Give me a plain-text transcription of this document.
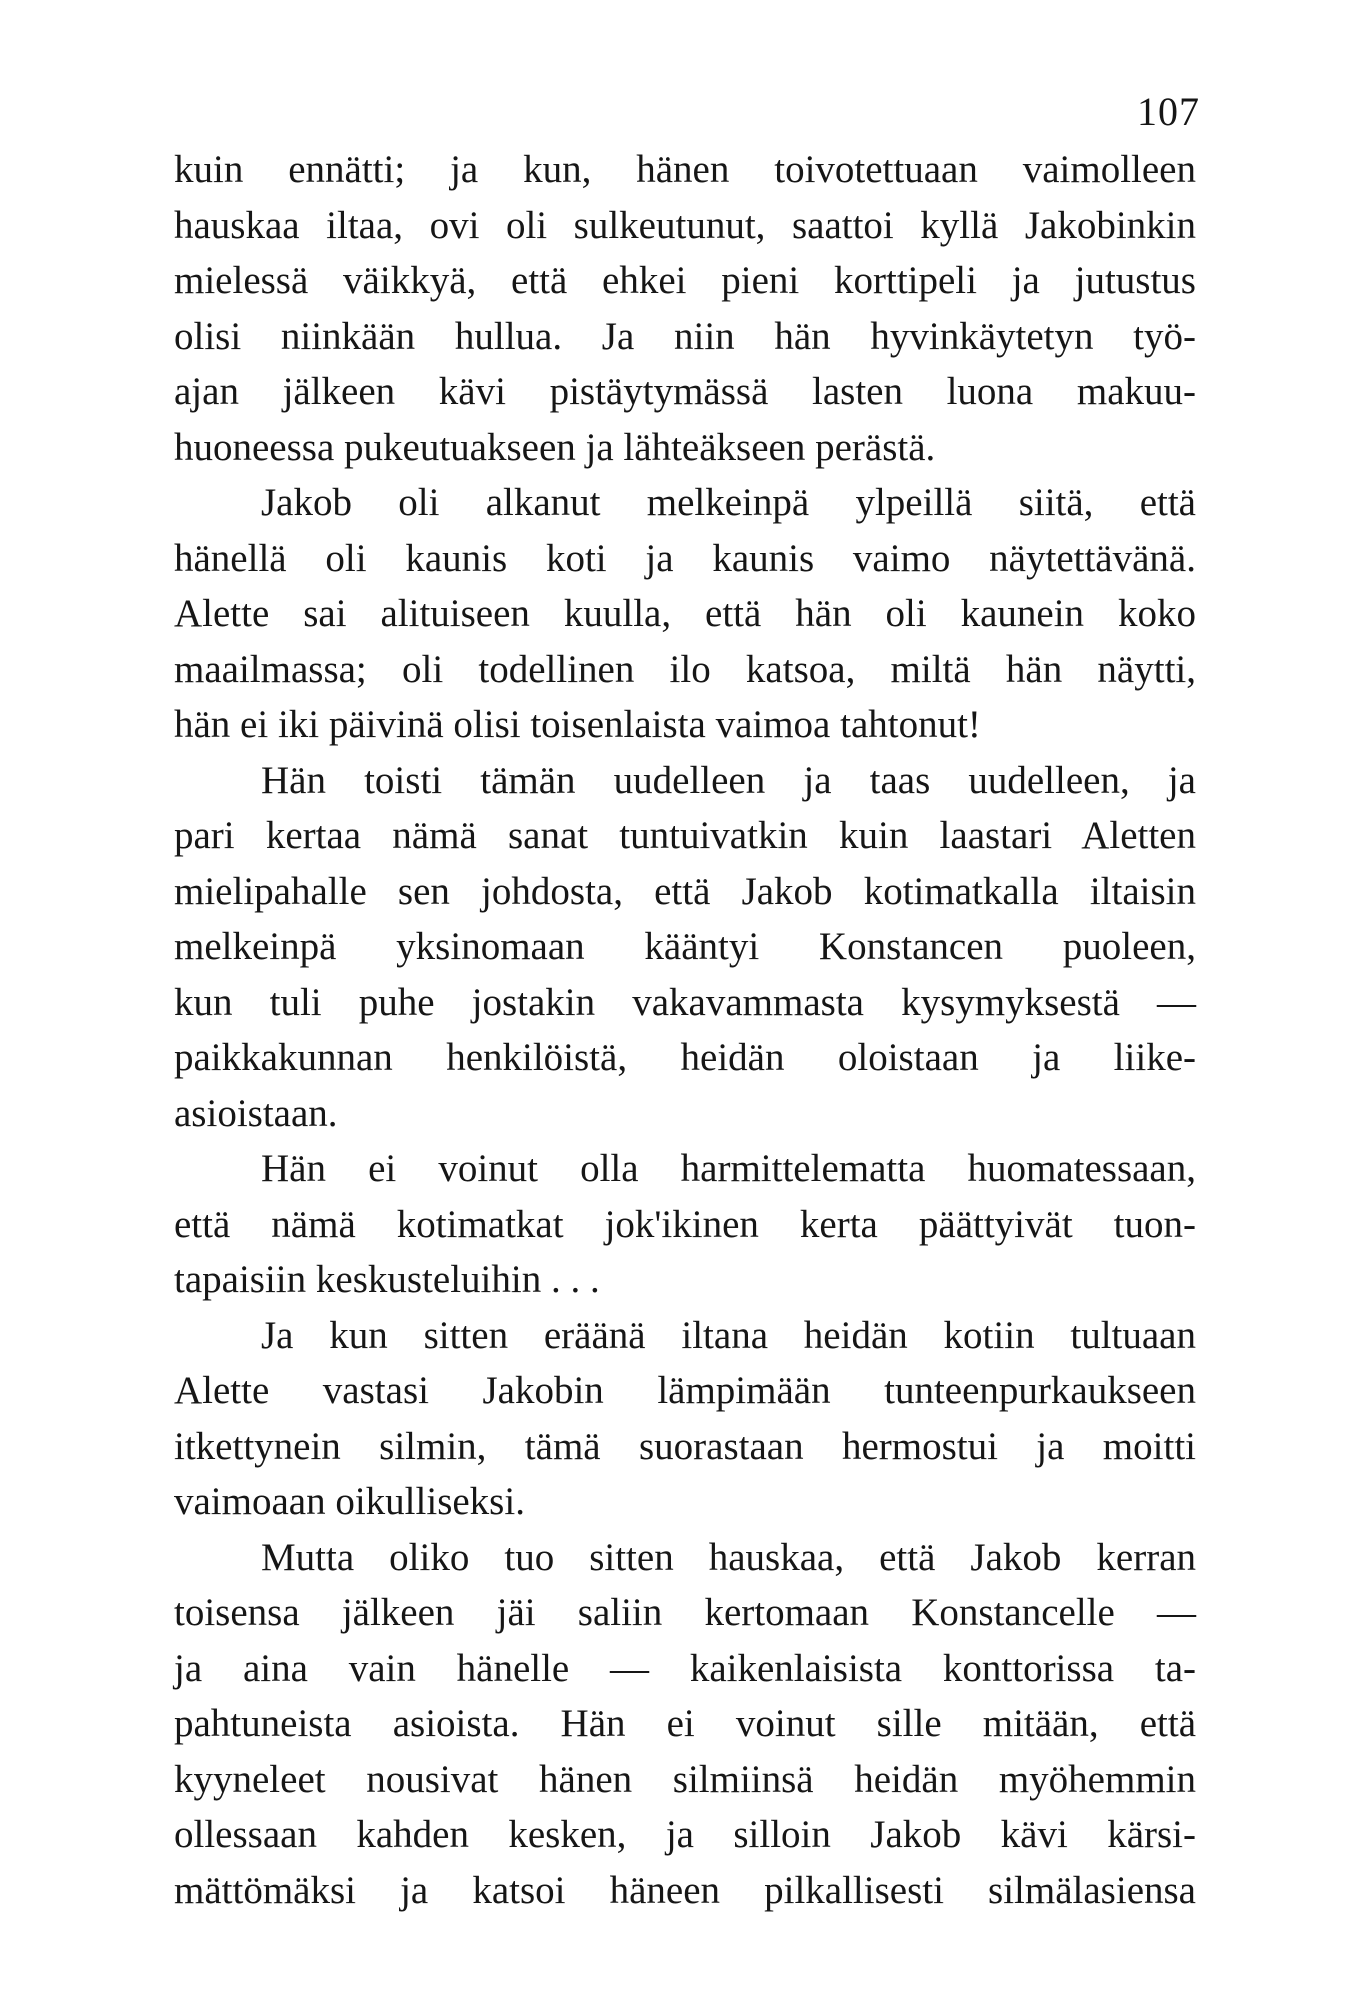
107
kuin ennätti; ja kun, hänen toivotettuaan vaimolleen
hauskaa iltaa, ovi oli sulkeutunut, saattoi kyllä Jakobinkin
mielessä väikkyä, että ehkei pieni korttipeli ja jutustus
olisi niinkään hullua. Ja niin hän hyvinkäytetyn työ-
ajan jälkeen kävi pistäytymässä lasten luona makuu-
huoneessa pukeutuakseen ja lähteäkseen perästä.
Jakob oli alkanut melkeinpä ylpeillä siitä, että
hänellä oli kaunis koti ja kaunis vaimo näytettävänä.
Alette sai alituiseen kuulla, että hän oli kaunein koko
maailmassa; oli todellinen ilo katsoa, miltä hän näytti,
hän ei iki päivinä olisi toisenlaista vaimoa tahtonut!
Hän toisti tämän uudelleen ja taas uudelleen, ja
pari kertaa nämä sanat tuntuivatkin kuin laastari Aletten
mielipahalle sen johdosta, että Jakob kotimatkalla iltaisin
melkeinpä yksinomaan kääntyi Konstancen puoleen,
kun tuli puhe jostakin vakavammasta kysymyksestä —
paikkakunnan henkilöistä, heidän oloistaan ja liike-
asioistaan.
Hän ei voinut olla harmittelematta huomatessaan,
että nämä kotimatkat jok'ikinen kerta päättyivät tuon-
tapaisiin keskusteluihin . . .
Ja kun sitten eräänä iltana heidän kotiin tultuaan
Alette vastasi Jakobin lämpimään tunteenpurkaukseen
itkettynein silmin, tämä suorastaan hermostui ja moitti
vaimoaan oikulliseksi.
Mutta oliko tuo sitten hauskaa, että Jakob kerran
toisensa jälkeen jäi saliin kertomaan Konstancelle —
ja aina vain hänelle — kaikenlaisista konttorissa ta-
pahtuneista asioista. Hän ei voinut sille mitään, että
kyyneleet nousivat hänen silmiinsä heidän myöhemmin
ollessaan kahden kesken, ja silloin Jakob kävi kärsi-
mättömäksi ja katsoi häneen pilkallisesti silmälasiensa
